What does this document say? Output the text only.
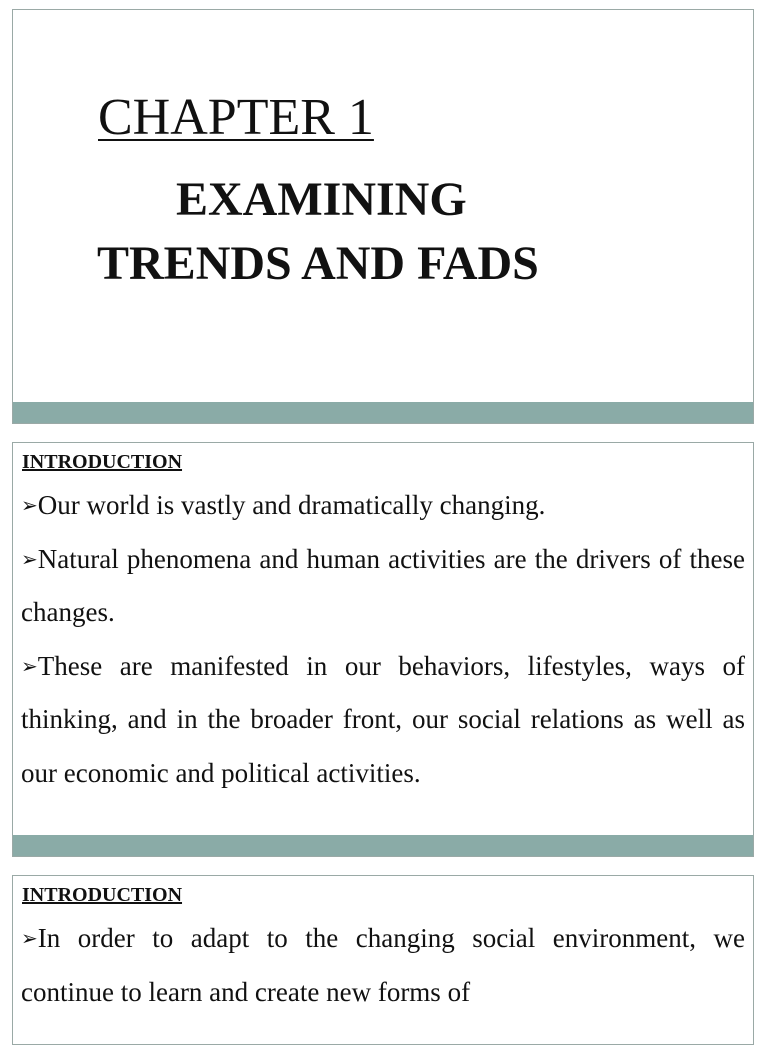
CHAPTER 1
EXAMINING
TRENDS AND FADS
INTRODUCTION
➢Our world is vastly and dramatically changing.
➢Natural phenomena and human activities are the drivers of these changes.
➢These are manifested in our behaviors, lifestyles, ways of thinking, and in the broader front, our social relations as well as our economic and political activities.
INTRODUCTION
➢In order to adapt to the changing social environment, we continue to learn and create new forms of
